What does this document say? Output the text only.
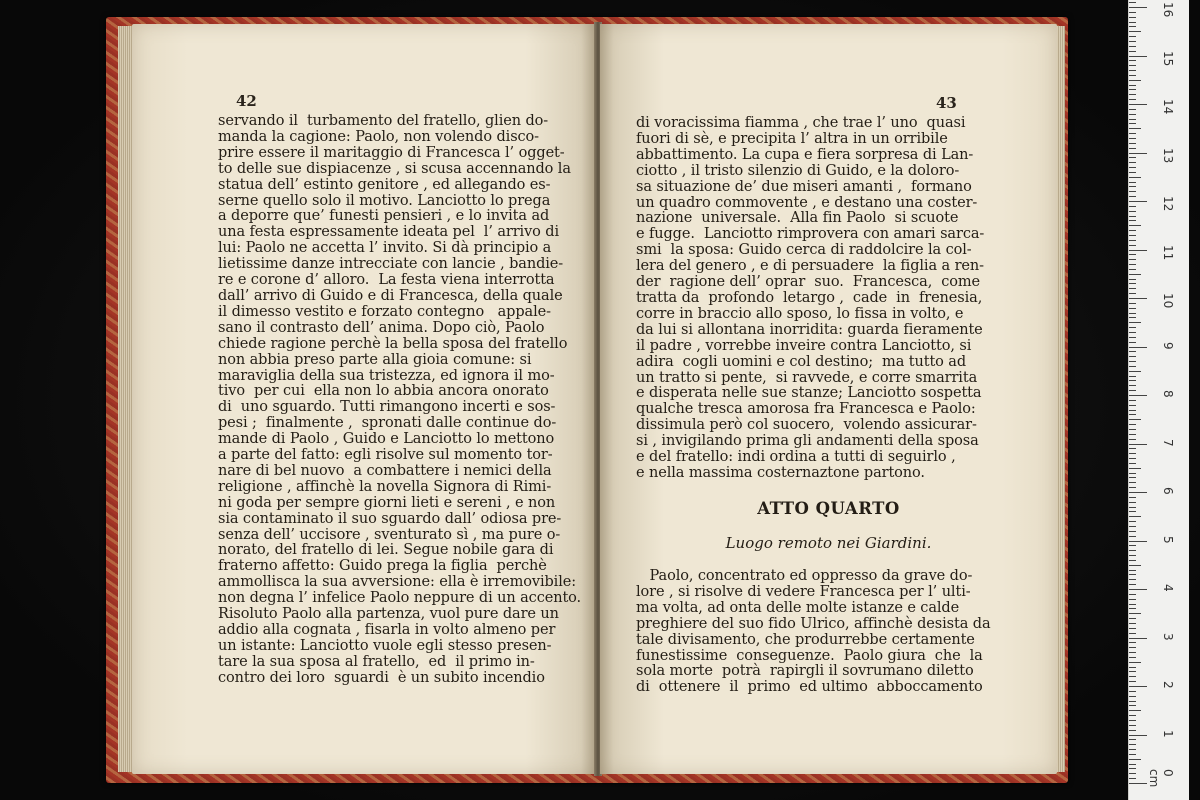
42
servando il  turbamento del fratello, glien do-
manda la cagione: Paolo, non volendo disco-
prire essere il maritaggio di Francesca l’ ogget-
to delle sue dispiacenze , si scusa accennando la
statua dell’ estinto genitore , ed allegando es-
serne quello solo il motivo. Lanciotto lo prega
a deporre que’ funesti pensieri , e lo invita ad
una festa espressamente ideata pel  l’ arrivo di
lui: Paolo ne accetta l’ invito. Si dà principio a
lietissime danze intrecciate con lancie , bandie-
re e corone d’ alloro.  La festa viena interrotta
dall’ arrivo di Guido e di Francesca, della quale
il dimesso vestito e forzato contegno   appale-
sano il contrasto dell’ anima. Dopo ciò, Paolo
chiede ragione perchè la bella sposa del fratello
non abbia preso parte alla gioia comune: si
maraviglia della sua tristezza, ed ignora il mo-
tivo  per cui  ella non lo abbia ancora onorato
di  uno sguardo. Tutti rimangono incerti e sos-
pesi ;  finalmente ,  spronati dalle continue do-
mande di Paolo , Guido e Lanciotto lo mettono
a parte del fatto: egli risolve sul momento tor-
nare di bel nuovo  a combattere i nemici della
religione , affinchè la novella Signora di Rimi-
ni goda per sempre giorni lieti e sereni , e non
sia contaminato il suo sguardo dall’ odiosa pre-
senza dell’ uccisore , sventurato sì , ma pure o-
norato, del fratello di lei. Segue nobile gara di
fraterno affetto: Guido prega la figlia  perchè
ammollisca la sua avversione: ella è irremovibile:
non degna l’ infelice Paolo neppure di un accento.
Risoluto Paolo alla partenza, vuol pure dare un
addio alla cognata , fisarla in volto almeno per
un istante: Lanciotto vuole egli stesso presen-
tare la sua sposa al fratello,  ed  il primo in-
contro dei loro  sguardi  è un subito incendio
43
di voracissima fiamma , che trae l’ uno  quasi
fuori di sè, e precipita l’ altra in un orribile
abbattimento. La cupa e fiera sorpresa di Lan-
ciotto , il tristo silenzio di Guido, e la doloro-
sa situazione de’ due miseri amanti ,  formano
un quadro commovente , e destano una coster-
nazione  universale.  Alla fin Paolo  si scuote
e fugge.  Lanciotto rimprovera con amari sarca-
smi  la sposa: Guido cerca di raddolcire la col-
lera del genero , e di persuadere  la figlia a ren-
der  ragione dell’ oprar  suo.  Francesca,  come
tratta da  profondo  letargo ,  cade  in  frenesia,
corre in braccio allo sposo, lo fissa in volto, e
da lui si allontana inorridita: guarda fieramente
il padre , vorrebbe inveire contra Lanciotto, si
adira  cogli uomini e col destino;  ma tutto ad
un tratto si pente,  si ravvede, e corre smarrita
e disperata nelle sue stanze; Lanciotto sospetta
qualche tresca amorosa fra Francesca e Paolo:
dissimula però col suocero,  volendo assicurar-
si , invigilando prima gli andamenti della sposa
e del fratello: indi ordina a tutti di seguirlo ,
e nella massima costernaztone partono.
ATTO QUARTO
Luogo remoto nei Giardini.
Paolo, concentrato ed oppresso da grave do-
lore , si risolve di vedere Francesca per l’ ulti-
ma volta, ad onta delle molte istanze e calde
preghiere del suo fido Ulrico, affinchè desista da
tale divisamento, che produrrebbe certamente
funestissime  conseguenze.  Paolo giura  che  la
sola morte  potrà  rapirgli il sovrumano diletto
di  ottenere  il  primo  ed ultimo  abboccamento
0 cm
1
2
3
4
5
6
7
8
9
10
11
12
13
14
15
16
